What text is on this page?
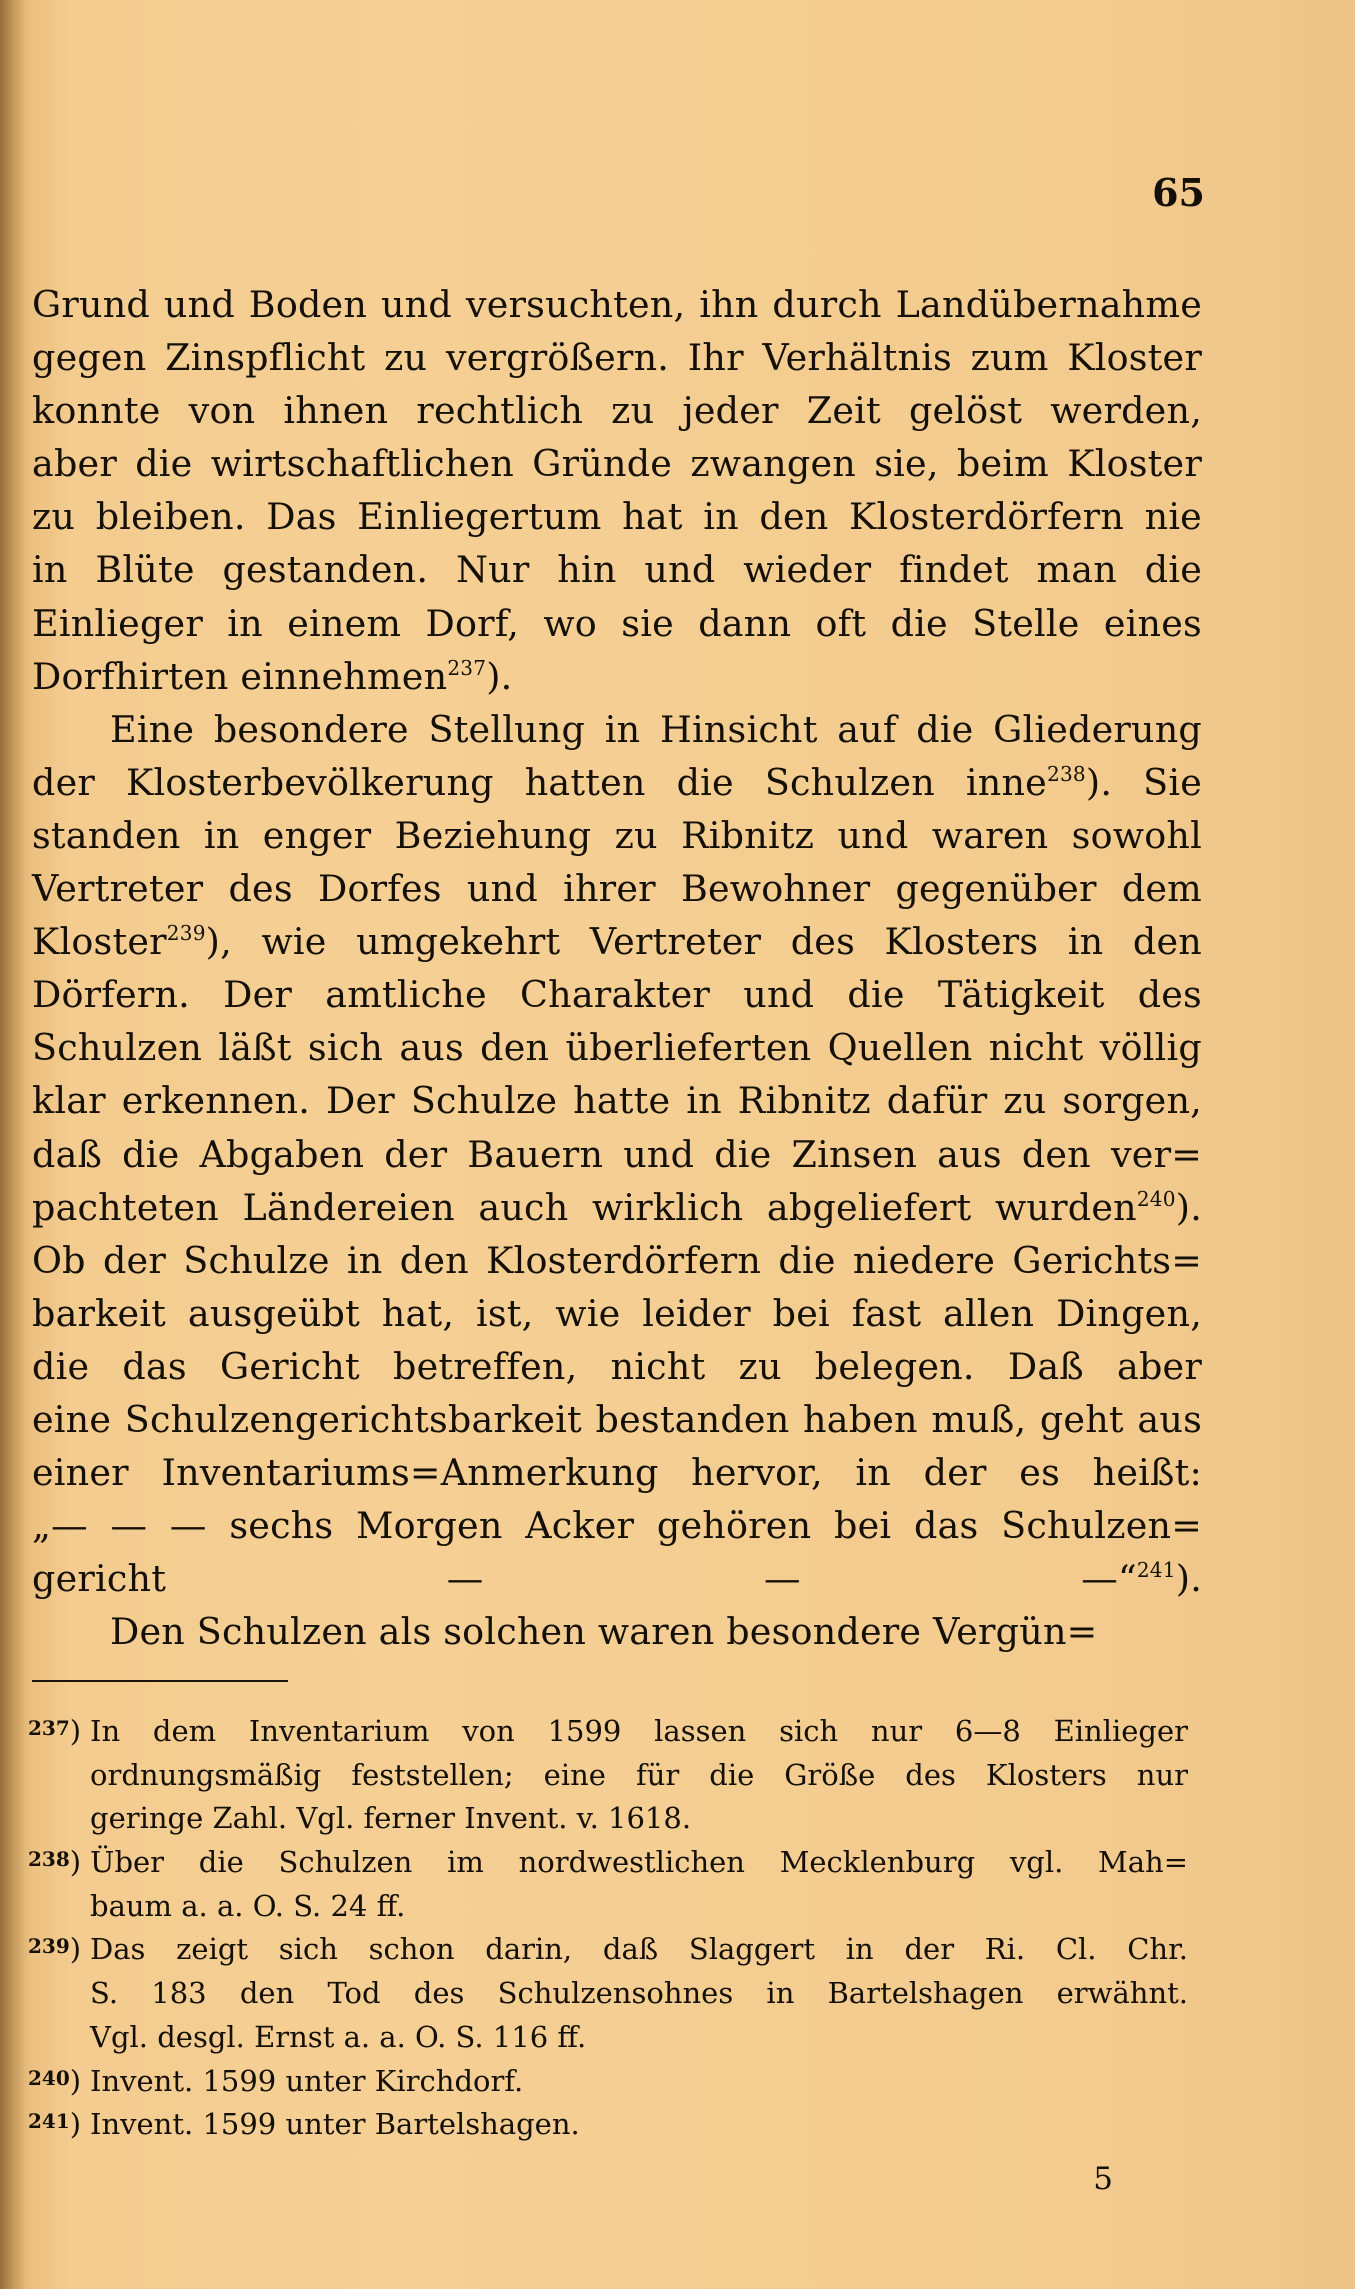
65
Grund und Boden und versuchten, ihn durch Landübernahme
gegen Zinspflicht zu vergrößern. Ihr Verhältnis zum Kloster
konnte von ihnen rechtlich zu jeder Zeit gelöst werden,
aber die wirtschaftlichen Gründe zwangen sie, beim Kloster
zu bleiben. Das Einliegertum hat in den Klosterdörfern nie
in Blüte gestanden. Nur hin und wieder findet man die
Einlieger in einem Dorf, wo sie dann oft die Stelle eines
Dorfhirten einnehmen$^{237}$).
Eine besondere Stellung in Hinsicht auf die Gliederung
der Klosterbevölkerung hatten die Schulzen inne$^{238}$). Sie
standen in enger Beziehung zu Ribnitz und waren sowohl
Vertreter des Dorfes und ihrer Bewohner gegenüber dem
Kloster$^{239}$), wie umgekehrt Vertreter des Klosters in den
Dörfern. Der amtliche Charakter und die Tätigkeit des
Schulzen läßt sich aus den überlieferten Quellen nicht völlig
klar erkennen. Der Schulze hatte in Ribnitz dafür zu sorgen,
daß die Abgaben der Bauern und die Zinsen aus den ver=
pachteten Ländereien auch wirklich abgeliefert wurden$^{240}$).
Ob der Schulze in den Klosterdörfern die niedere Gerichts=
barkeit ausgeübt hat, ist, wie leider bei fast allen Dingen,
die das Gericht betreffen, nicht zu belegen. Daß aber
eine Schulzengerichtsbarkeit bestanden haben muß, geht aus
einer Inventariums=Anmerkung hervor, in der es heißt:
„— — — sechs Morgen Acker gehören bei das Schulzen=
gericht — — —“$^{241}$).
Den Schulzen als solchen waren besondere Vergün=
237) In dem Inventarium von 1599 lassen sich nur 6—8 Einlieger
ordnungsmäßig feststellen; eine für die Größe des Klosters nur
geringe Zahl. Vgl. ferner Invent. v. 1618.
238) Über die Schulzen im nordwestlichen Mecklenburg vgl. Mah=
baum a. a. O. S. 24 ff.
239) Das zeigt sich schon darin, daß Slaggert in der Ri. Cl. Chr.
S. 183 den Tod des Schulzensohnes in Bartelshagen erwähnt.
Vgl. desgl. Ernst a. a. O. S. 116 ff.
240) Invent. 1599 unter Kirchdorf.
241) Invent. 1599 unter Bartelshagen.
5
